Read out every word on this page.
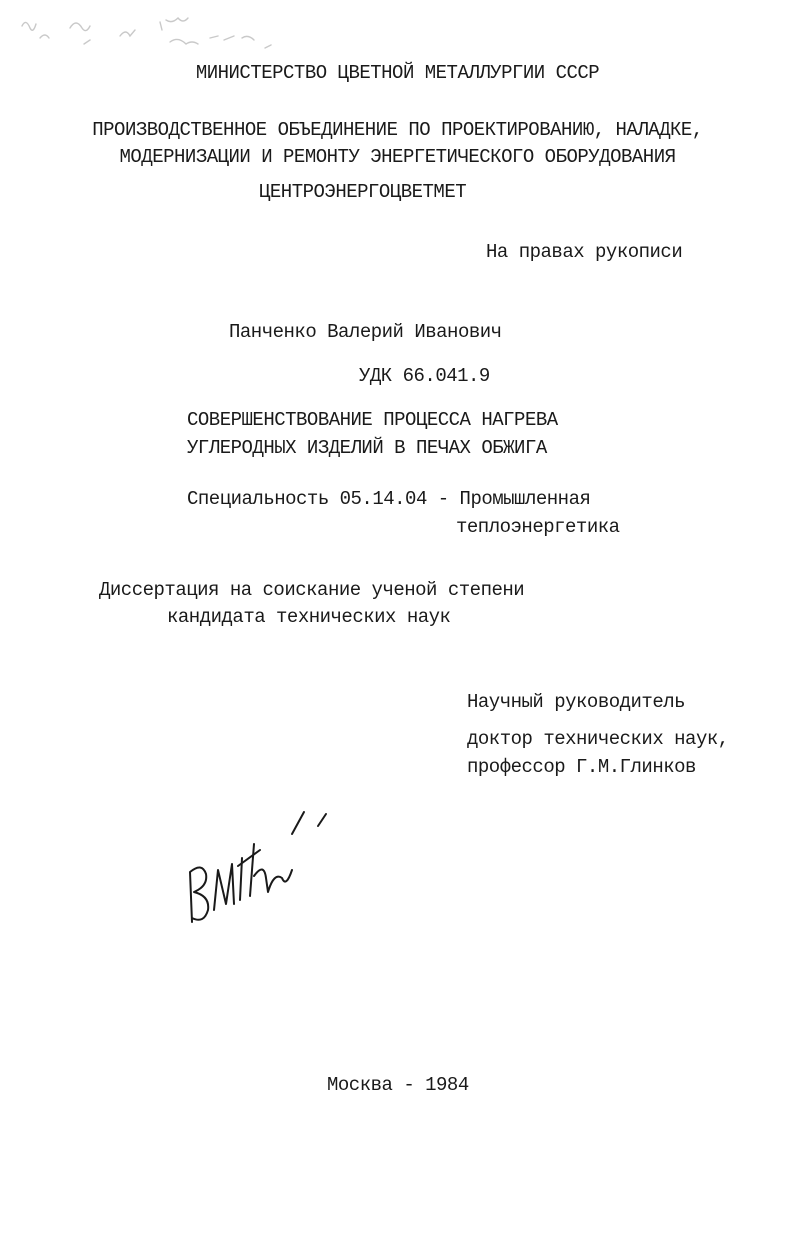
МИНИСТЕРСТВО ЦВЕТНОЙ МЕТАЛЛУРГИИ СССР
ПРОИЗВОДСТВЕННОЕ ОБЪЕДИНЕНИЕ ПО ПРОЕКТИРОВАНИЮ, НАЛАДКЕ,
МОДЕРНИЗАЦИИ И РЕМОНТУ ЭНЕРГЕТИЧЕСКОГО ОБОРУДОВАНИЯ
ЦЕНТРОЭНЕРГОЦВЕТМЕТ
На правах рукописи
Панченко Валерий Иванович
УДК 66.041.9
СОВЕРШЕНСТВОВАНИЕ ПРОЦЕССА НАГРЕВА
УГЛЕРОДНЫХ ИЗДЕЛИЙ В ПЕЧАХ ОБЖИГА
Специальность 05.14.04 - Промышленная
теплоэнергетика
Диссертация на соискание ученой степени
кандидата технических наук
Научный руководитель
доктор технических наук,
профессор Г.М.Глинков
Москва - 1984
